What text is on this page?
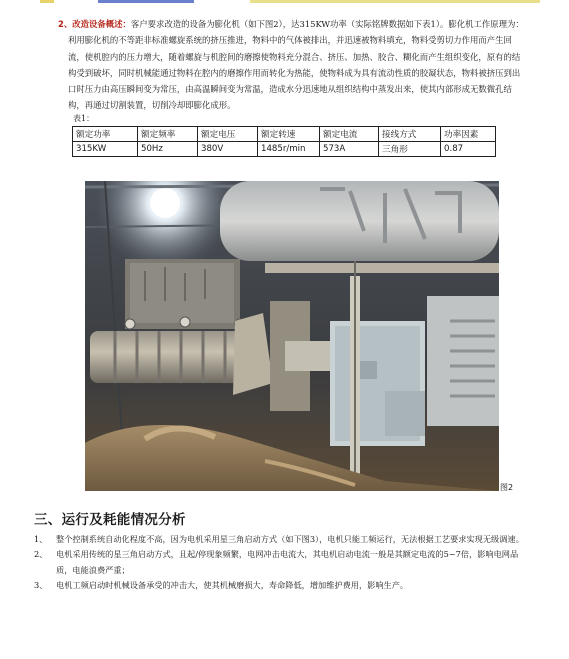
2、改造设备概述：客户要求改造的设备为膨化机（如下图2），达315KW功率（实际铭牌数据如下表1）。膨化机工作原理为：利用膨化机的不等距非标准螺旋系统的挤压推进，物料中的气体被排出，并迅速被物料填充，物料受剪切力作用而产生回流，使机腔内的压力增大，随着螺旋与机腔间的磨擦使物料充分混合、挤压、加热、胶合、糊化而产生组织变化，原有的结构受到破坏，同时机械能通过物料在腔内的磨擦作用而转化为热能，使物料成为具有流动性质的胶凝状态，物料被挤压到出口时压力由高压瞬间变为常压，由高温瞬间变为常温，造成水分迅速地从组织结构中蒸发出来，使其内部形成无数微孔结构，再通过切割装置，切削冷却即膨化成形。
表1：
额定功率	额定频率	额定电压	额定转速	额定电流	接线方式	功率因素
315KW	50Hz	380V	1485r/min	573A	三角形	0.87
图2
三、运行及耗能情况分析
1、 整个控制系统自动化程度不高，因为电机采用星三角启动方式（如下图3），电机只能工频运行，无法根据工艺要求实现无级调速。
2、 电机采用传统的星三角启动方式，且起/停现象频繁，电网冲击电流大，其电机启动电流一般是其额定电流的5~7倍，影响电网品质，电能浪费严重；
3、 电机工频启动时机械设备承受的冲击大，使其机械磨损大，寿命降低，增加维护费用，影响生产。
